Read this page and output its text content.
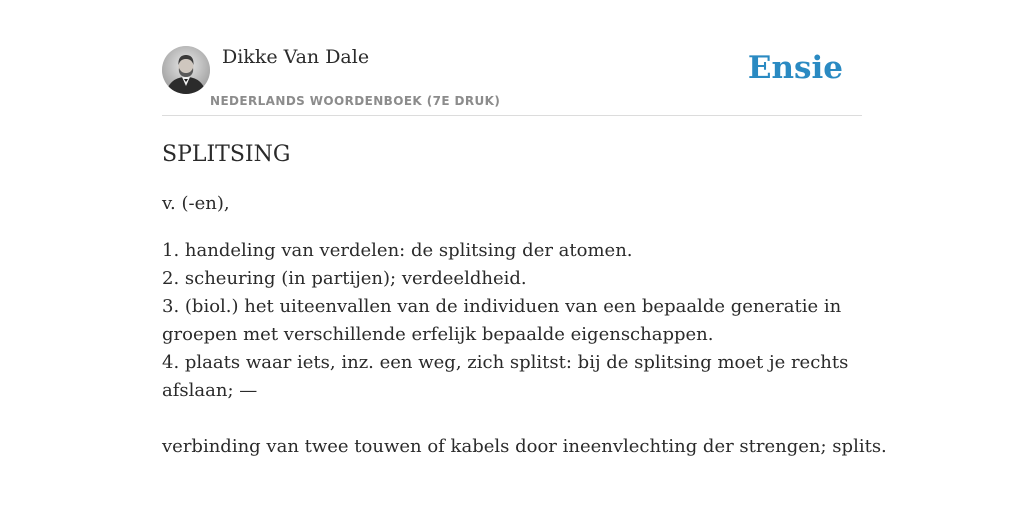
Dikke Van Dale
NEDERLANDS WOORDENBOEK (7E DRUK)
Ensie
SPLITSING
v. (-en),
1. handeling van verdelen: de splitsing der atomen.
2. scheuring (in partijen); verdeeldheid.
3. (biol.) het uiteenvallen van de individuen van een bepaalde generatie in groepen met verschillende erfelijk bepaalde eigenschappen.
4. plaats waar iets, inz. een weg, zich splitst: bij de splitsing moet je rechts afslaan; —
verbinding van twee touwen of kabels door ineenvlechting der strengen; splits.
